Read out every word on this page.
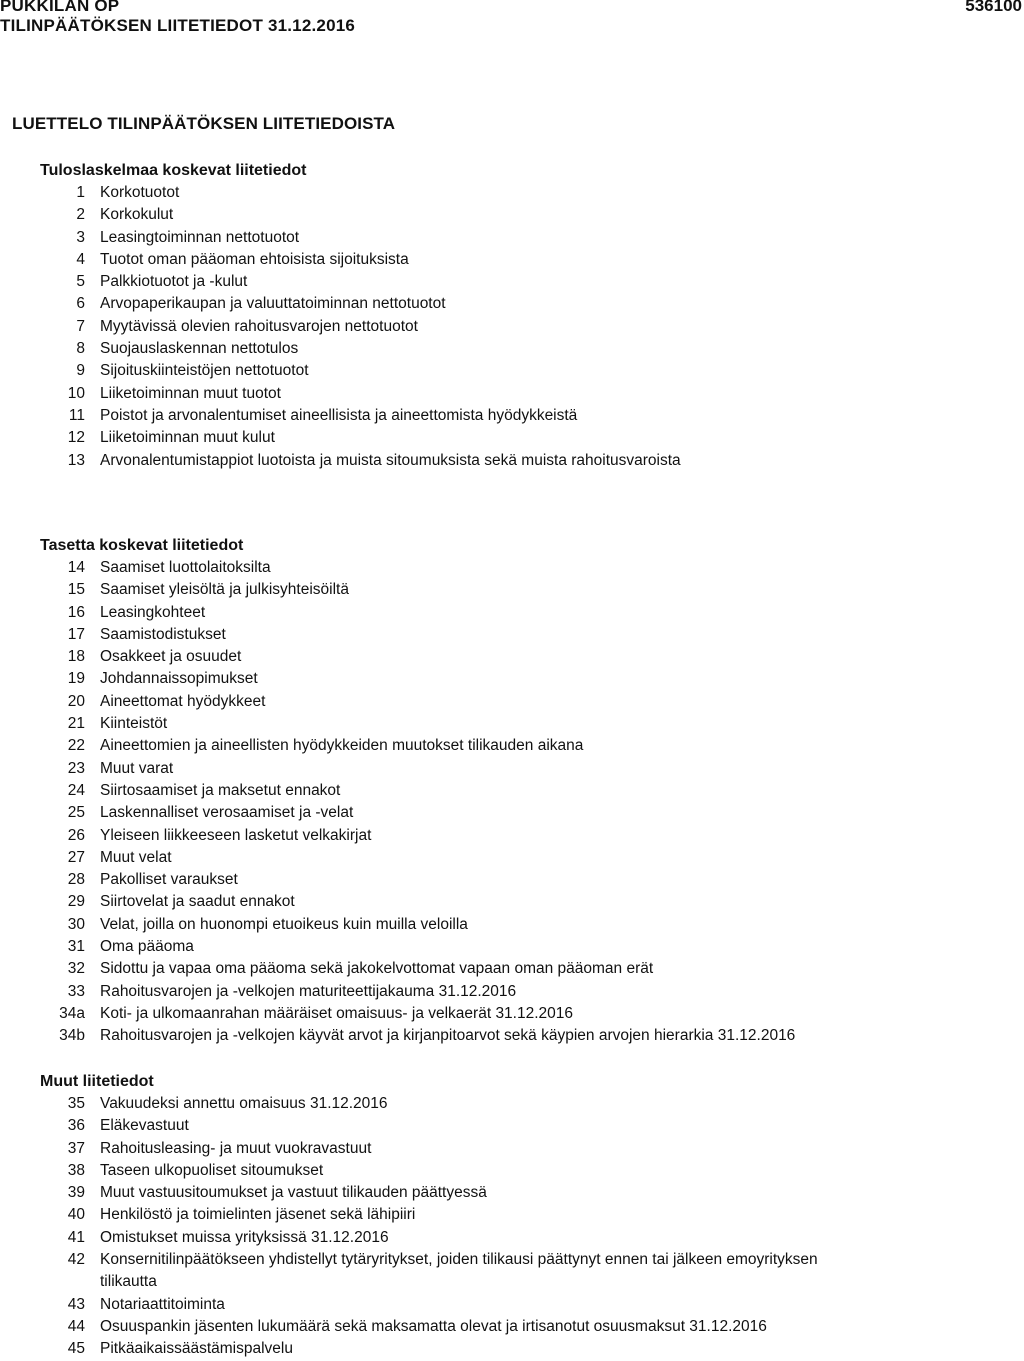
PUKKILAN OP
TILINPÄÄTÖKSEN LIITETIEDOT 31.12.2016
536100
LUETTELO TILINPÄÄTÖKSEN LIITETIEDOISTA
Tuloslaskelmaa koskevat liitetiedot
1 Korkotuotot
2 Korkokulut
3 Leasingtoiminnan nettotuotot
4 Tuotot oman pääoman ehtoisista sijoituksista
5 Palkkiotuotot ja -kulut
6 Arvopaperikaupan ja valuuttatoiminnan nettotuotot
7 Myytävissä olevien rahoitusvarojen nettotuotot
8 Suojauslaskennan nettotulos
9 Sijoituskiinteistöjen nettotuotot
10 Liiketoiminnan muut tuotot
11 Poistot ja arvonalentumiset aineellisista ja aineettomista hyödykkeistä
12 Liiketoiminnan muut kulut
13 Arvonalentumistappiot luotoista ja muista sitoumuksista sekä muista rahoitusvaroista
Tasetta koskevat liitetiedot
14 Saamiset luottolaitoksilta
15 Saamiset yleisöltä ja julkisyhteisöiltä
16 Leasingkohteet
17 Saamistodistukset
18 Osakkeet ja osuudet
19 Johdannaissopimukset
20 Aineettomat hyödykkeet
21 Kiinteistöt
22 Aineettomien ja aineellisten hyödykkeiden muutokset tilikauden aikana
23 Muut varat
24 Siirtosaamiset ja maksetut ennakot
25 Laskennalliset verosaamiset ja -velat
26 Yleiseen liikkeeseen lasketut velkakirjat
27 Muut velat
28 Pakolliset varaukset
29 Siirtovelat ja saadut ennakot
30 Velat, joilla on huonompi etuoikeus kuin muilla veloilla
31 Oma pääoma
32 Sidottu ja vapaa oma pääoma sekä jakokelvottomat vapaan oman pääoman erät
33 Rahoitusvarojen ja -velkojen maturiteettijakauma 31.12.2016
34a Koti- ja ulkomaanrahan määräiset omaisuus- ja velkaerät 31.12.2016
34b Rahoitusvarojen ja -velkojen käyvät arvot ja kirjanpitoarvot sekä käypien arvojen hierarkia 31.12.2016
Muut liitetiedot
35 Vakuudeksi annettu omaisuus 31.12.2016
36 Eläkevastuut
37 Rahoitusleasing- ja muut vuokravastuut
38 Taseen ulkopuoliset sitoumukset
39 Muut vastuusitoumukset ja vastuut tilikauden päättyessä
40 Henkilöstö ja toimielinten jäsenet sekä lähipiiri
41 Omistukset muissa yrityksissä 31.12.2016
42 Konsernitilinpäätökseen yhdistellyt tytäryritykset, joiden tilikausi päättynyt ennen tai jälkeen emoyrityksen tilikautta
43 Notariaattitoiminta
44 Osuuspankin jäsenten lukumäärä sekä maksamatta olevat ja irtisanotut osuusmaksut 31.12.2016
45 Pitkäaikaissäästämispalvelu
